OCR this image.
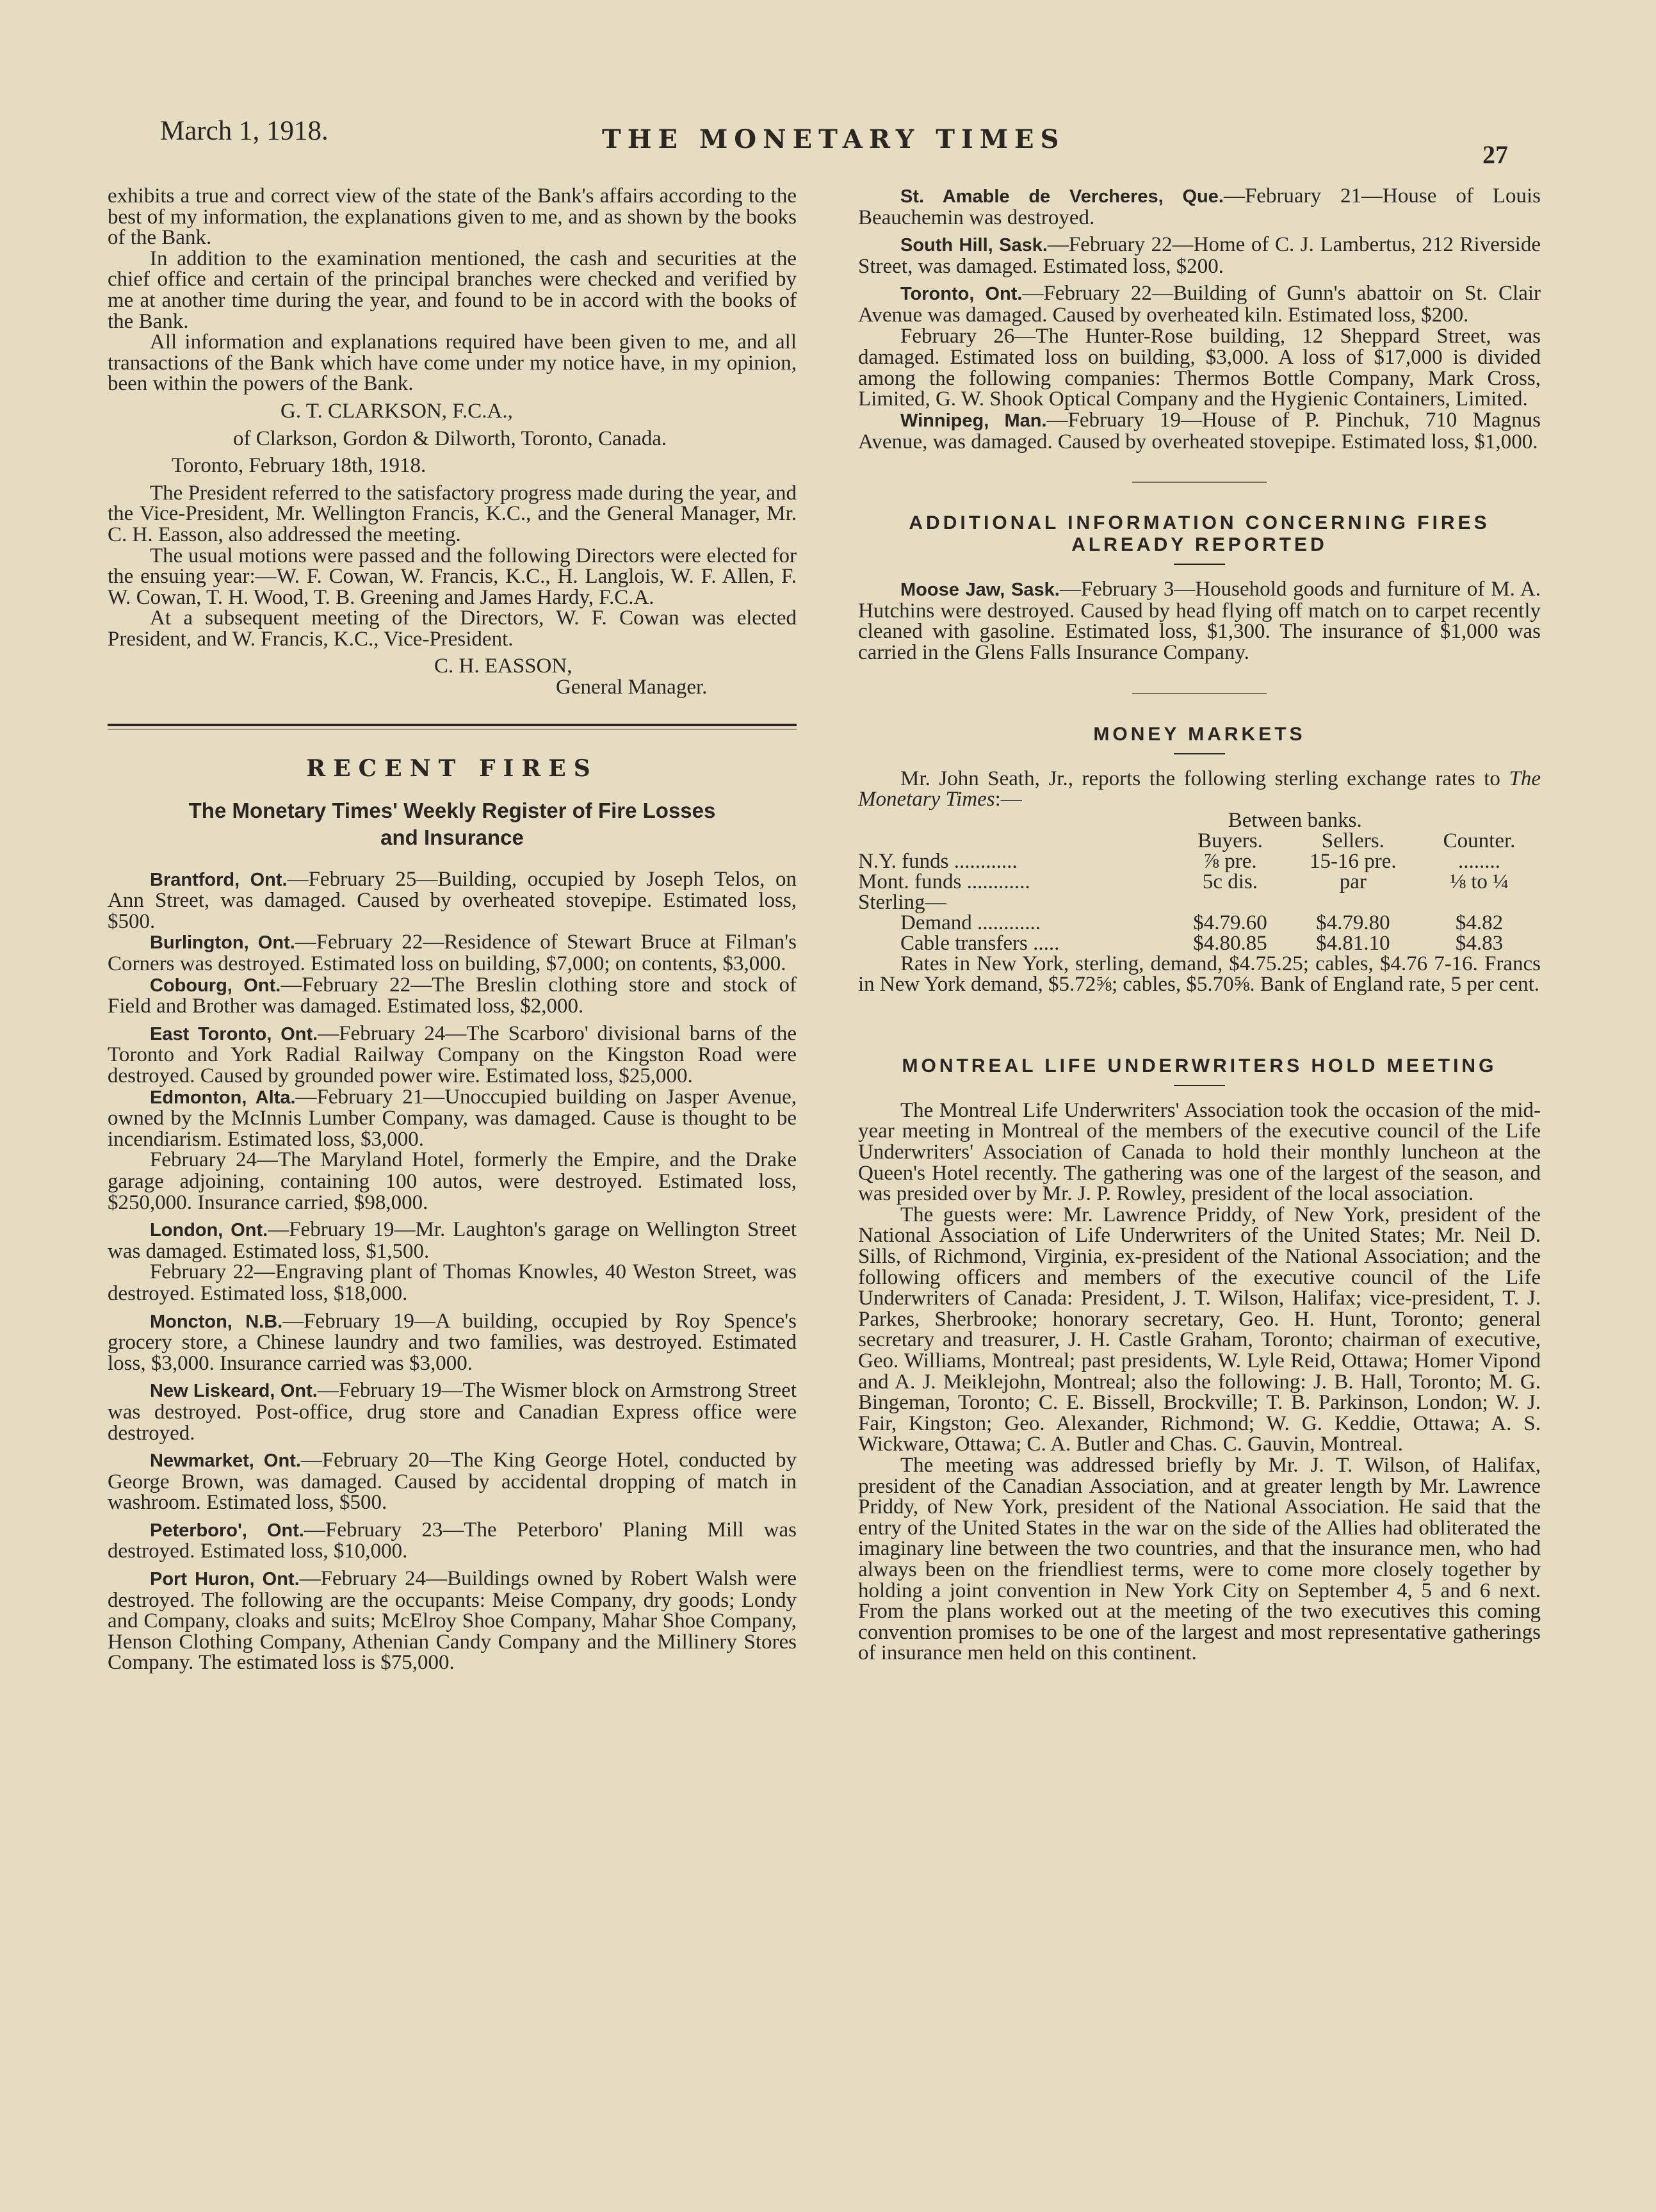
March 1, 1918.	THE MONETARY TIMES
27

exhibits a true and correct view of the state of the Bank's affairs according to the best of my information, the explanations given to me, and as shown by the books of the Bank.

In addition to the examination mentioned, the cash and securities at the chief office and certain of the principal branches were checked and verified by me at another time during the year, and found to be in accord with the books of the Bank.

All information and explanations required have been given to me, and all transactions of the Bank which have come under my notice have, in my opinion, been within the powers of the Bank.

G. T. CLARKSON, F.C.A.,

of Clarkson, Gordon & Dilworth, Toronto, Canada.

Toronto, February 18th, 1918.

The President referred to the satisfactory progress made during the year, and the Vice-President, Mr. Wellington Francis, K.C., and the General Manager, Mr. C. H. Easson, also addressed the meeting.

The usual motions were passed and the following Directors were elected for the ensuing year:—W. F. Cowan, W. Francis, K.C., H. Langlois, W. F. Allen, F. W. Cowan, T. H. Wood, T. B. Greening and James Hardy, F.C.A.

At a subsequent meeting of the Directors, W. F. Cowan was elected President, and W. Francis, K.C., Vice-President.

C. H. EASSON,

General Manager.

RECENT FIRES
The Monetary Times' Weekly Register of Fire Losses
and Insurance

Brantford, Ont.—February 25—Building, occupied by Joseph Telos, on Ann Street, was damaged. Caused by overheated stovepipe. Estimated loss, $500.

Burlington, Ont.—February 22—Residence of Stewart Bruce at Filman's Corners was destroyed. Estimated loss on building, $7,000; on contents, $3,000.

Cobourg, Ont.—February 22—The Breslin clothing store and stock of Field and Brother was damaged. Estimated loss, $2,000.

East Toronto, Ont.—February 24—The Scarboro' divisional barns of the Toronto and York Radial Railway Company on the Kingston Road were destroyed. Caused by grounded power wire. Estimated loss, $25,000.

Edmonton, Alta.—February 21—Unoccupied building on Jasper Avenue, owned by the McInnis Lumber Company, was damaged. Cause is thought to be incendiarism. Estimated loss, $3,000.

February 24—The Maryland Hotel, formerly the Empire, and the Drake garage adjoining, containing 100 autos, were destroyed. Estimated loss, $250,000. Insurance carried, $98,000.

London, Ont.—February 19—Mr. Laughton's garage on Wellington Street was damaged. Estimated loss, $1,500.

February 22—Engraving plant of Thomas Knowles, 40 Weston Street, was destroyed. Estimated loss, $18,000.

Moncton, N.B.—February 19—A building, occupied by Roy Spence's grocery store, a Chinese laundry and two families, was destroyed. Estimated loss, $3,000. Insurance carried was $3,000.

New Liskeard, Ont.—February 19—The Wismer block on Armstrong Street was destroyed. Post-office, drug store and Canadian Express office were destroyed.

Newmarket, Ont.—February 20—The King George Hotel, conducted by George Brown, was damaged. Caused by accidental dropping of match in washroom. Estimated loss, $500.

Peterboro', Ont.—February 23—The Peterboro' Planing Mill was destroyed. Estimated loss, $10,000.

Port Huron, Ont.—February 24—Buildings owned by Robert Walsh were destroyed. The following are the occupants: Meise Company, dry goods; Londy and Company, cloaks and suits; McElroy Shoe Company, Mahar Shoe Company, Henson Clothing Company, Athenian Candy Company and the Millinery Stores Company. The estimated loss is $75,000.

St. Amable de Vercheres, Que.—February 21—House of Louis Beauchemin was destroyed.

South Hill, Sask.—February 22—Home of C. J. Lambertus, 212 Riverside Street, was damaged. Estimated loss, $200.

Toronto, Ont.—February 22—Building of Gunn's abattoir on St. Clair Avenue was damaged. Caused by overheated kiln. Estimated loss, $200.

February 26—The Hunter-Rose building, 12 Sheppard Street, was damaged. Estimated loss on building, $3,000. A loss of $17,000 is divided among the following companies: Thermos Bottle Company, Mark Cross, Limited, G. W. Shook Optical Company and the Hygienic Containers, Limited.

Winnipeg, Man.—February 19—House of P. Pinchuk, 710 Magnus Avenue, was damaged. Caused by overheated stovepipe. Estimated loss, $1,000.

ADDITIONAL INFORMATION CONCERNING FIRES
ALREADY REPORTED

Moose Jaw, Sask.—February 3—Household goods and furniture of M. A. Hutchins were destroyed. Caused by head flying off match on to carpet recently cleaned with gasoline. Estimated loss, $1,300. The insurance of $1,000 was carried in the Glens Falls Insurance Company.

MONEY MARKETS

Mr. John Seath, Jr., reports the following sterling exchange rates to The Monetary Times:—

	Between banks.		
	Buyers.	Sellers.	Counter.
N.Y. funds ............	⅞ pre.	15-16 pre.	........
Mont. funds ............	5c dis.	par	⅛ to ¼
Sterling—			
Demand ............	$4.79.60	$4.79.80	$4.82
Cable transfers .....	$4.80.85	$4.81.10	$4.83

Rates in New York, sterling, demand, $4.75.25; cables, $4.76 7-16. Francs in New York demand, $5.72⅝; cables, $5.70⅝. Bank of England rate, 5 per cent.

MONTREAL LIFE UNDERWRITERS HOLD MEETING

The Montreal Life Underwriters' Association took the occasion of the mid-year meeting in Montreal of the members of the executive council of the Life Underwriters' Association of Canada to hold their monthly luncheon at the Queen's Hotel recently. The gathering was one of the largest of the season, and was presided over by Mr. J. P. Rowley, president of the local association.

The guests were: Mr. Lawrence Priddy, of New York, president of the National Association of Life Underwriters of the United States; Mr. Neil D. Sills, of Richmond, Virginia, ex-president of the National Association; and the following officers and members of the executive council of the Life Underwriters of Canada: President, J. T. Wilson, Halifax; vice-president, T. J. Parkes, Sherbrooke; honorary secretary, Geo. H. Hunt, Toronto; general secretary and treasurer, J. H. Castle Graham, Toronto; chairman of executive, Geo. Williams, Montreal; past presidents, W. Lyle Reid, Ottawa; Homer Vipond and A. J. Meiklejohn, Montreal; also the following: J. B. Hall, Toronto; M. G. Bingeman, Toronto; C. E. Bissell, Brockville; T. B. Parkinson, London; W. J. Fair, Kingston; Geo. Alexander, Richmond; W. G. Keddie, Ottawa; A. S. Wickware, Ottawa; C. A. Butler and Chas. C. Gauvin, Montreal.

The meeting was addressed briefly by Mr. J. T. Wilson, of Halifax, president of the Canadian Association, and at greater length by Mr. Lawrence Priddy, of New York, president of the National Association. He said that the entry of the United States in the war on the side of the Allies had obliterated the imaginary line between the two countries, and that the insurance men, who had always been on the friendliest terms, were to come more closely together by holding a joint convention in New York City on September 4, 5 and 6 next. From the plans worked out at the meeting of the two executives this coming convention promises to be one of the largest and most representative gatherings of insurance men held on this continent.
